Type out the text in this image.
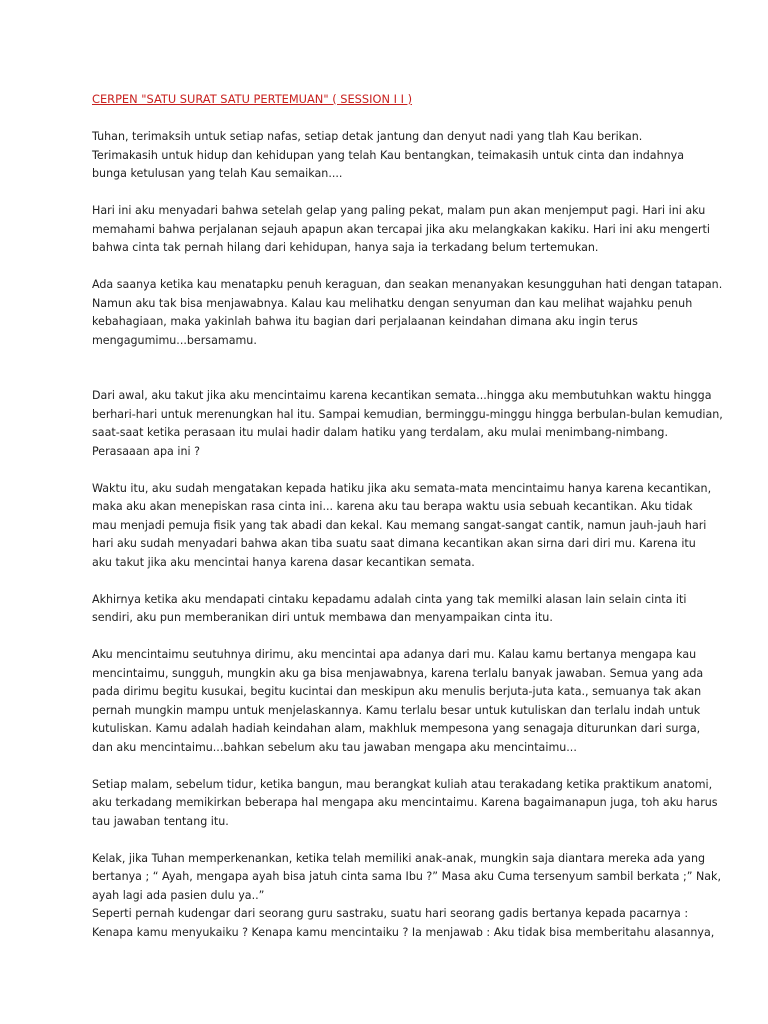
CERPEN "SATU SURAT SATU PERTEMUAN" ( SESSION I I )
Tuhan, terimaksih untuk setiap nafas, setiap detak jantung dan denyut nadi yang tlah Kau berikan.
Terimakasih untuk hidup dan kehidupan yang telah Kau bentangkan, teimakasih untuk cinta dan indahnya
bunga ketulusan yang telah Kau semaikan....
Hari ini aku menyadari bahwa setelah gelap yang paling pekat, malam pun akan menjemput pagi. Hari ini aku
memahami bahwa perjalanan sejauh apapun akan tercapai jika aku melangkakan kakiku. Hari ini aku mengerti
bahwa cinta tak pernah hilang dari kehidupan, hanya saja ia terkadang belum tertemukan.
Ada saanya ketika kau menatapku penuh keraguan, dan seakan menanyakan kesungguhan hati dengan tatapan.
Namun aku tak bisa menjawabnya. Kalau kau melihatku dengan senyuman dan kau melihat wajahku penuh
kebahagiaan, maka yakinlah bahwa itu bagian dari perjalaanan keindahan dimana aku ingin terus
mengagumimu...bersamamu.
Dari awal, aku takut jika aku mencintaimu karena kecantikan semata...hingga aku membutuhkan waktu hingga
berhari-hari untuk merenungkan hal itu. Sampai kemudian, berminggu-minggu hingga berbulan-bulan kemudian,
saat-saat ketika perasaan itu mulai hadir dalam hatiku yang terdalam, aku mulai menimbang-nimbang.
Perasaaan apa ini ?
Waktu itu, aku sudah mengatakan kepada hatiku jika aku semata-mata mencintaimu hanya karena kecantikan,
maka aku akan menepiskan rasa cinta ini... karena aku tau berapa waktu usia sebuah kecantikan. Aku tidak
mau menjadi pemuja fisik yang tak abadi dan kekal. Kau memang sangat-sangat cantik, namun jauh-jauh hari
hari aku sudah menyadari bahwa akan tiba suatu saat dimana kecantikan akan sirna dari diri mu. Karena itu
aku takut jika aku mencintai hanya karena dasar kecantikan semata.
Akhirnya ketika aku mendapati cintaku kepadamu adalah cinta yang tak memilki alasan lain selain cinta iti
sendiri, aku pun memberanikan diri untuk membawa dan menyampaikan cinta itu.
Aku mencintaimu seutuhnya dirimu, aku mencintai apa adanya dari mu. Kalau kamu bertanya mengapa kau
mencintaimu, sungguh, mungkin aku ga bisa menjawabnya, karena terlalu banyak jawaban. Semua yang ada
pada dirimu begitu kusukai, begitu kucintai dan meskipun aku menulis berjuta-juta kata., semuanya tak akan
pernah mungkin mampu untuk menjelaskannya. Kamu terlalu besar untuk kutuliskan dan terlalu indah untuk
kutuliskan. Kamu adalah hadiah keindahan alam, makhluk mempesona yang senagaja diturunkan dari surga,
dan aku mencintaimu...bahkan sebelum aku tau jawaban mengapa aku mencintaimu...
Setiap malam, sebelum tidur, ketika bangun, mau berangkat kuliah atau terakadang ketika praktikum anatomi,
aku terkadang memikirkan beberapa hal mengapa aku mencintaimu. Karena bagaimanapun juga, toh aku harus
tau jawaban tentang itu.
Kelak, jika Tuhan memperkenankan, ketika telah memiliki anak-anak, mungkin saja diantara mereka ada yang
bertanya ; “ Ayah, mengapa ayah bisa jatuh cinta sama Ibu ?” Masa aku Cuma tersenyum sambil berkata ;” Nak,
ayah lagi ada pasien dulu ya..”
Seperti pernah kudengar dari seorang guru sastraku, suatu hari seorang gadis bertanya kepada pacarnya :
Kenapa kamu menyukaiku ? Kenapa kamu mencintaiku ? Ia menjawab : Aku tidak bisa memberitahu alasannya,
